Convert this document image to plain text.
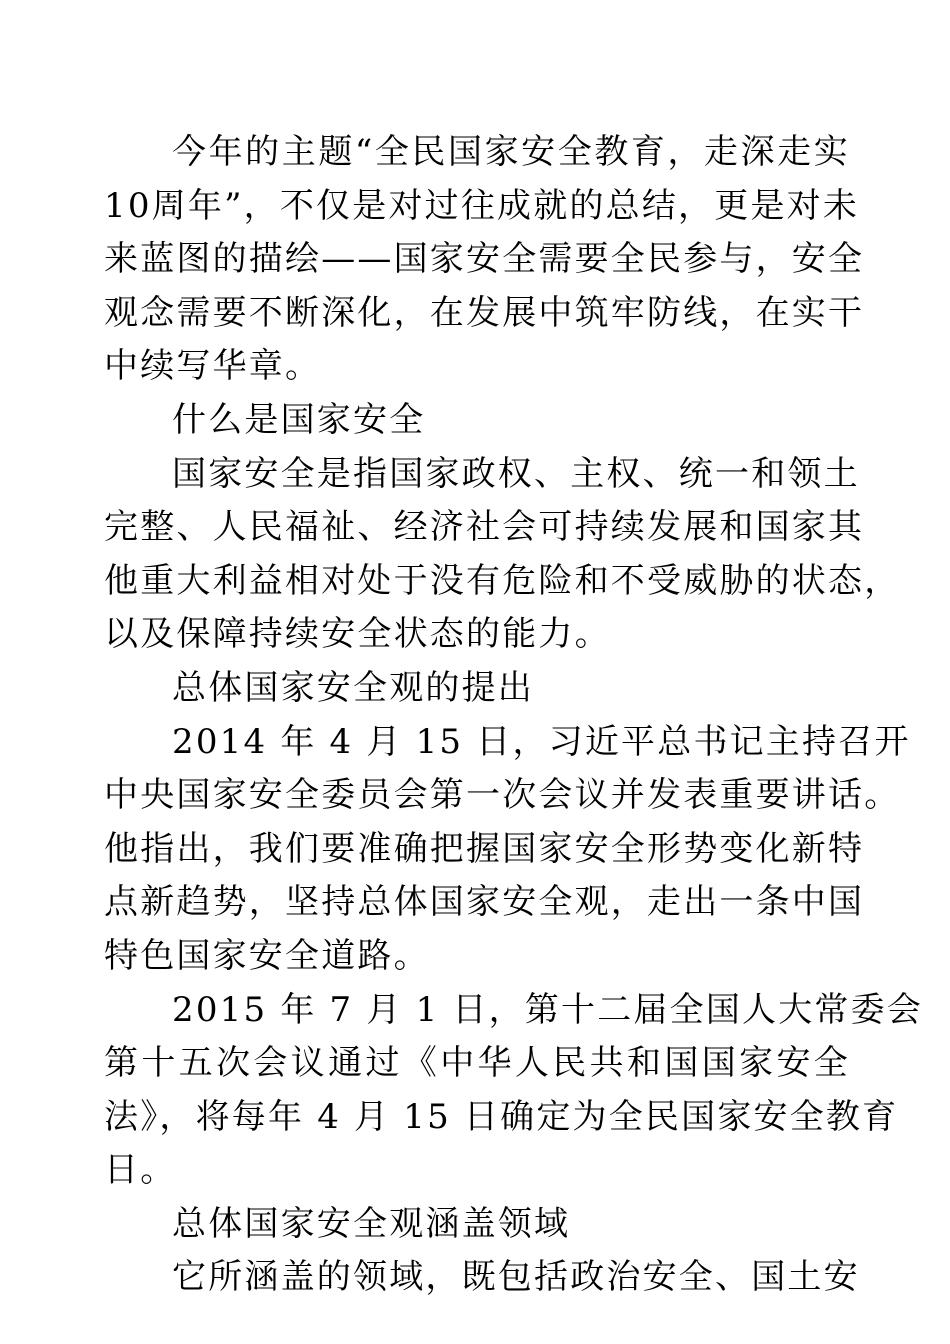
今年的主题“全民国家安全教育，走深走实
10周年”，不仅是对过往成就的总结，更是对未
来蓝图的描绘——国家安全需要全民参与，安全
观念需要不断深化，在发展中筑牢防线，在实干
中续写华章。
什么是国家安全
国家安全是指国家政权、主权、统一和领土
完整、人民福祉、经济社会可持续发展和国家其
他重大利益相对处于没有危险和不受威胁的状态，
以及保障持续安全状态的能力。
总体国家安全观的提出
2014 年 4 月 15 日，习近平总书记主持召开
中央国家安全委员会第一次会议并发表重要讲话。
他指出，我们要准确把握国家安全形势变化新特
点新趋势，坚持总体国家安全观，走出一条中国
特色国家安全道路。
2015 年 7 月 1 日，第十二届全国人大常委会
第十五次会议通过《中华人民共和国国家安全
法》，将每年 4 月 15 日确定为全民国家安全教育
日。
总体国家安全观涵盖领域
它所涵盖的领域，既包括政治安全、国土安
